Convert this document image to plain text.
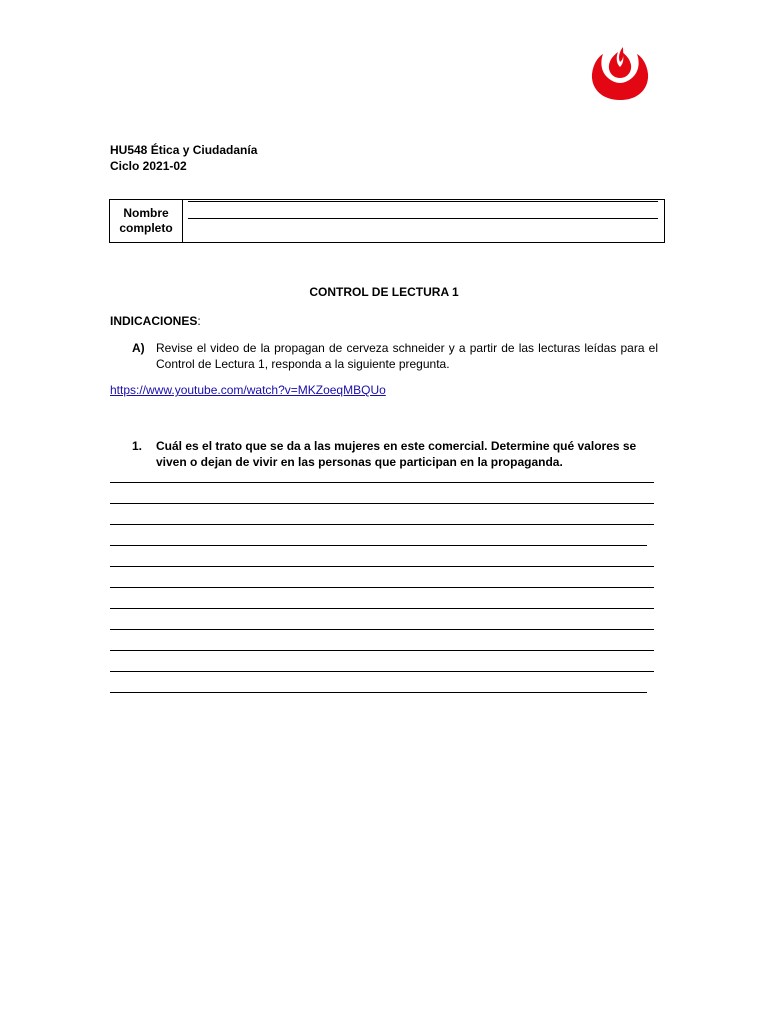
HU548 Ética y Ciudadanía
Ciclo 2021-02
Nombre
completo
CONTROL DE LECTURA 1
INDICACIONES:
A) Revise el video de la propagan de cerveza schneider y a partir de las lecturas leídas para el Control de Lectura 1, responda a la siguiente pregunta.
https://www.youtube.com/watch?v=MKZoeqMBQUo
1. Cuál es el trato que se da a las mujeres en este comercial. Determine qué valores se viven o dejan de vivir en las personas que participan en la propaganda.
